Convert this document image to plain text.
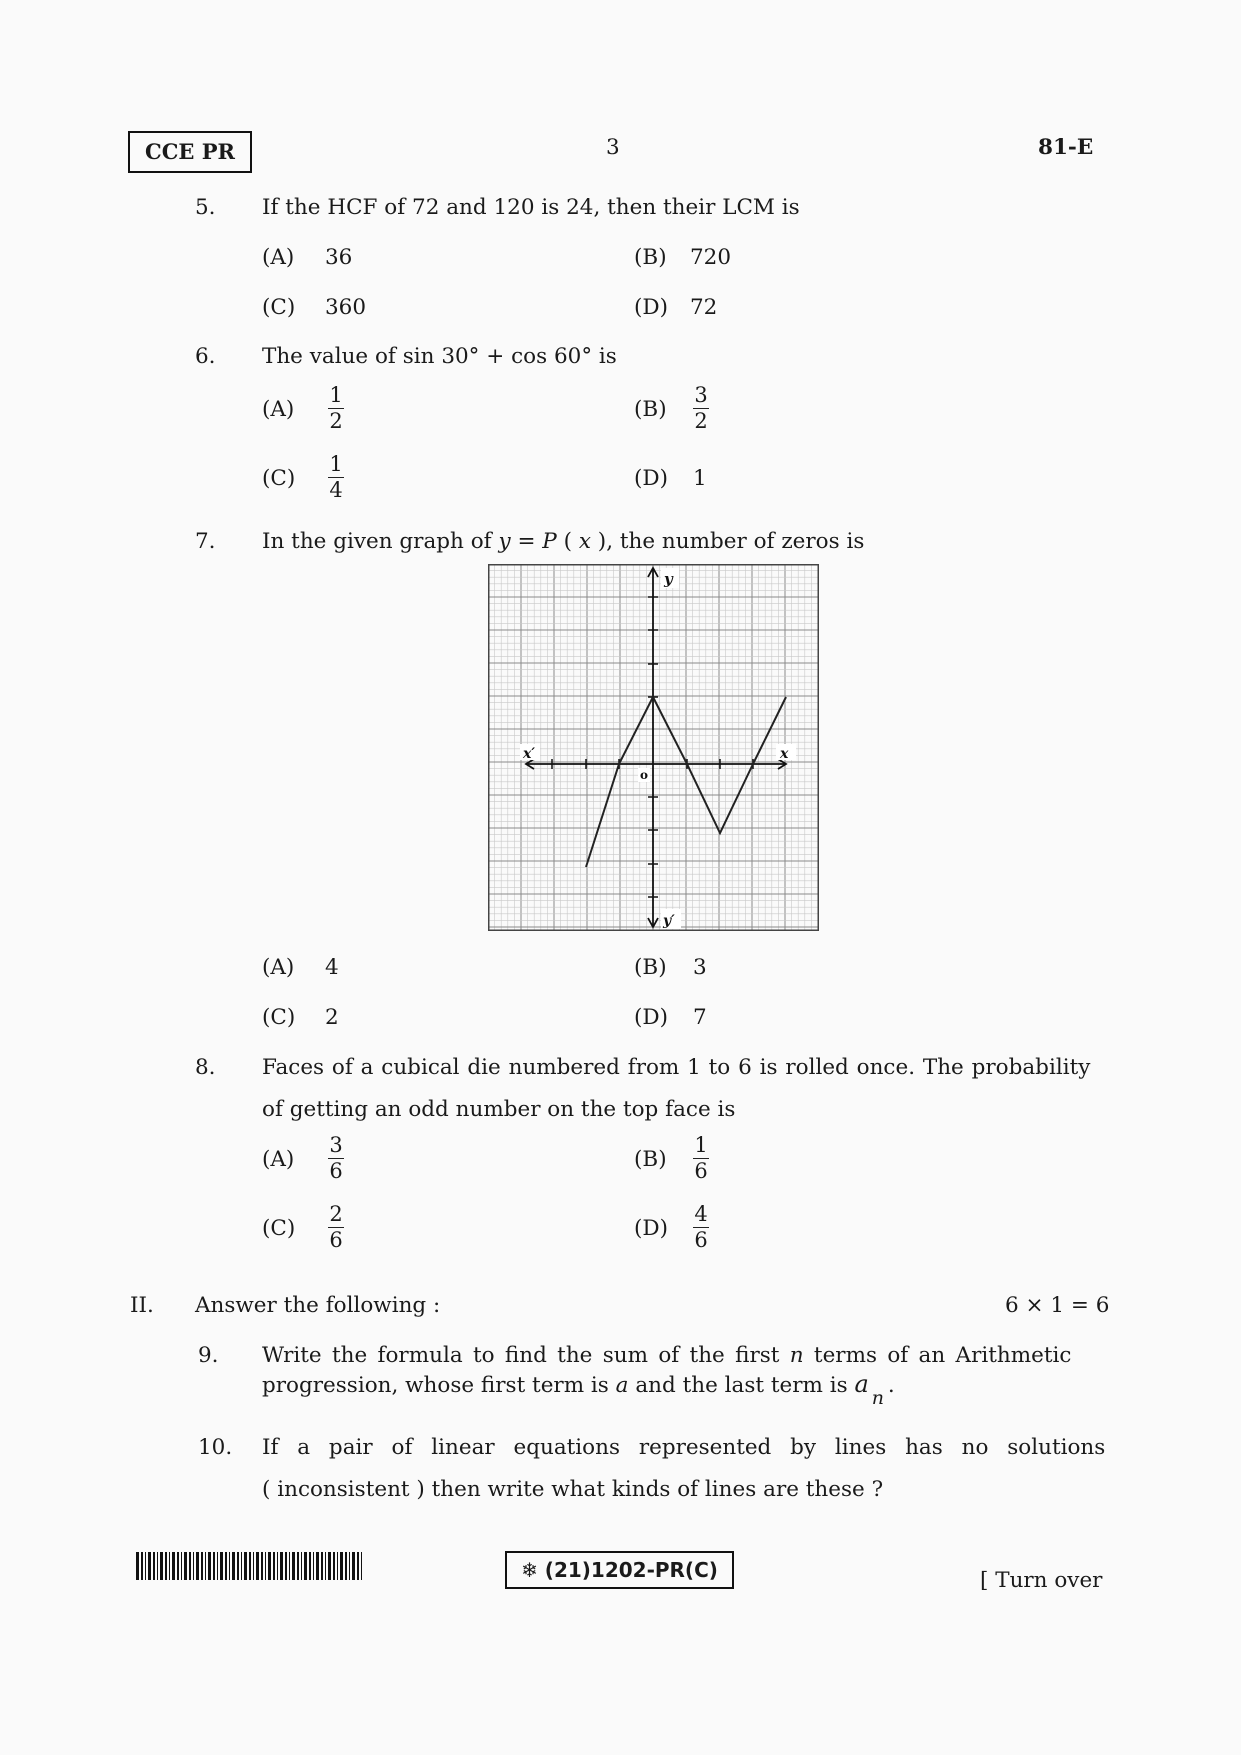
CCE PR	3	81-E
5. If the HCF of 72 and 120 is 24, then their LCM is
(A) 36	(B) 720
(C) 360	(D) 72
6. The value of sin 30° + cos 60° is
(A)
1
2	(B)
3
2
(C)
1
4	(D) 1
7. In the given graph of y = P ( x ), the number of zeros is
y
y′
x′	x
o
(A) 4	(B) 3
(C) 2	(D) 7
8. Faces of a cubical die numbered from 1 to 6 is rolled once. The probability
of getting an odd number on the top face is
(A)
3
6	(B)
1
6
(C)
2
6	(D)
4
6
II. Answer the following :	6 × 1 = 6
9. Write the formula to find the sum of the first n terms of an Arithmetic
progression, whose first term is a and the last term is a n .
10. If a pair of linear equations represented by lines has no solutions
( inconsistent ) then write what kinds of lines are these ?
❄ (21)1202-PR(C)	[ Turn over
